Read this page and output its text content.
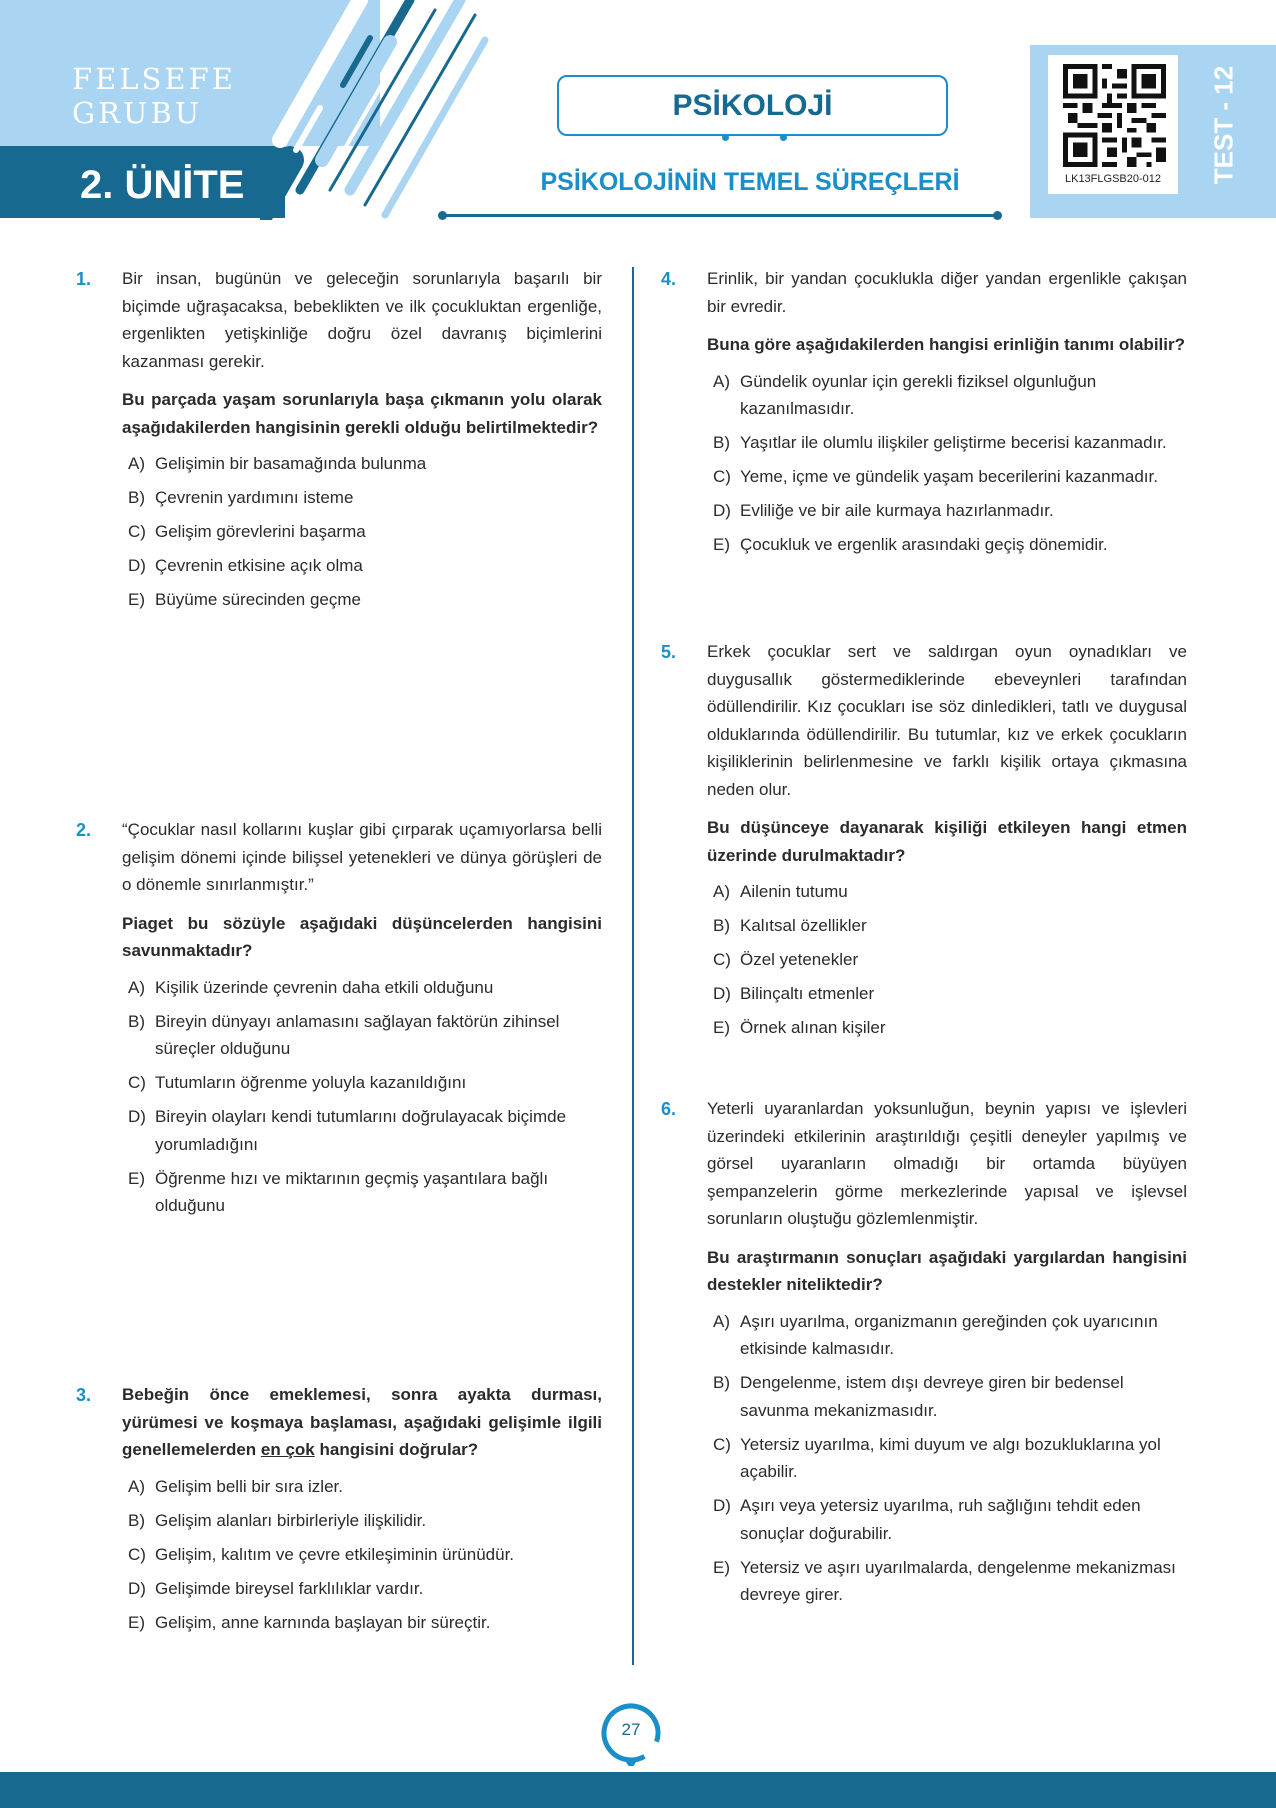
FELSEFE
GRUBU
2. ÜNİTE
PSİKOLOJİ
PSİKOLOJİNİN TEMEL SÜREÇLERİ	LK13FLGSB20-012	TEST - 12
1. Bir insan, bugünün ve geleceğin sorunlarıyla başarılı bir biçimde uğraşacaksa, bebeklikten ve ilk çocukluktan ergenliğe, ergenlikten yetişkinliğe doğru özel davranış biçimlerini kazanması gerekir.

Bu parçada yaşam sorunlarıyla başa çıkmanın yolu olarak aşağıdakilerden hangisinin gerekli olduğu belirtilmektedir?

A) Gelişimin bir basamağında bulunma
B) Çevrenin yardımını isteme
C) Gelişim görevlerini başarma
D) Çevrenin etkisine açık olma
E) Büyüme sürecinden geçme
2. “Çocuklar nasıl kollarını kuşlar gibi çırparak uçamıyorlarsa belli gelişim dönemi içinde bilişsel yetenekleri ve dünya görüşleri de o dönemle sınırlanmıştır.”

Piaget bu sözüyle aşağıdaki düşüncelerden hangisini savunmaktadır?

A) Kişilik üzerinde çevrenin daha etkili olduğunu
B) Bireyin dünyayı anlamasını sağlayan faktörün zihinsel süreçler olduğunu
C) Tutumların öğrenme yoluyla kazanıldığını
D) Bireyin olayları kendi tutumlarını doğrulayacak biçimde yorumladığını
E) Öğrenme hızı ve miktarının geçmiş yaşantılara bağlı olduğunu
3. Bebeğin önce emeklemesi, sonra ayakta durması, yürümesi ve koşmaya başlaması, aşağıdaki gelişimle ilgili genellemelerden en çok hangisini doğrular?

A) Gelişim belli bir sıra izler.
B) Gelişim alanları birbirleriyle ilişkilidir.
C) Gelişim, kalıtım ve çevre etkileşiminin ürünüdür.
D) Gelişimde bireysel farklılıklar vardır.
E) Gelişim, anne karnında başlayan bir süreçtir.
4. Erinlik, bir yandan çocuklukla diğer yandan ergenlikle çakışan bir evredir.

Buna göre aşağıdakilerden hangisi erinliğin tanımı olabilir?

A) Gündelik oyunlar için gerekli fiziksel olgunluğun kazanılmasıdır.
B) Yaşıtlar ile olumlu ilişkiler geliştirme becerisi kazanmadır.
C) Yeme, içme ve gündelik yaşam becerilerini kazanmadır.
D) Evliliğe ve bir aile kurmaya hazırlanmadır.
E) Çocukluk ve ergenlik arasındaki geçiş dönemidir.
5. Erkek çocuklar sert ve saldırgan oyun oynadıkları ve duygusallık göstermediklerinde ebeveynleri tarafından ödüllendirilir. Kız çocukları ise söz dinledikleri, tatlı ve duygusal olduklarında ödüllendirilir. Bu tutumlar, kız ve erkek çocukların kişiliklerinin belirlenmesine ve farklı kişilik ortaya çıkmasına neden olur.

Bu düşünceye dayanarak kişiliği etkileyen hangi etmen üzerinde durulmaktadır?

A) Ailenin tutumu
B) Kalıtsal özellikler
C) Özel yetenekler
D) Bilinçaltı etmenler
E) Örnek alınan kişiler
6. Yeterli uyaranlardan yoksunluğun, beynin yapısı ve işlevleri üzerindeki etkilerinin araştırıldığı çeşitli deneyler yapılmış ve görsel uyaranların olmadığı bir ortamda büyüyen şempanzelerin görme merkezlerinde yapısal ve işlevsel sorunların oluştuğu gözlemlenmiştir.

Bu araştırmanın sonuçları aşağıdaki yargılardan hangisini destekler niteliktedir?

A) Aşırı uyarılma, organizmanın gereğinden çok uyarıcının etkisinde kalmasıdır.
B) Dengelenme, istem dışı devreye giren bir bedensel savunma mekanizmasıdır.
C) Yetersiz uyarılma, kimi duyum ve algı bozukluklarına yol açabilir.
D) Aşırı veya yetersiz uyarılma, ruh sağlığını tehdit eden sonuçlar doğurabilir.
E) Yetersiz ve aşırı uyarılmalarda, dengelenme mekanizması devreye girer.
27
